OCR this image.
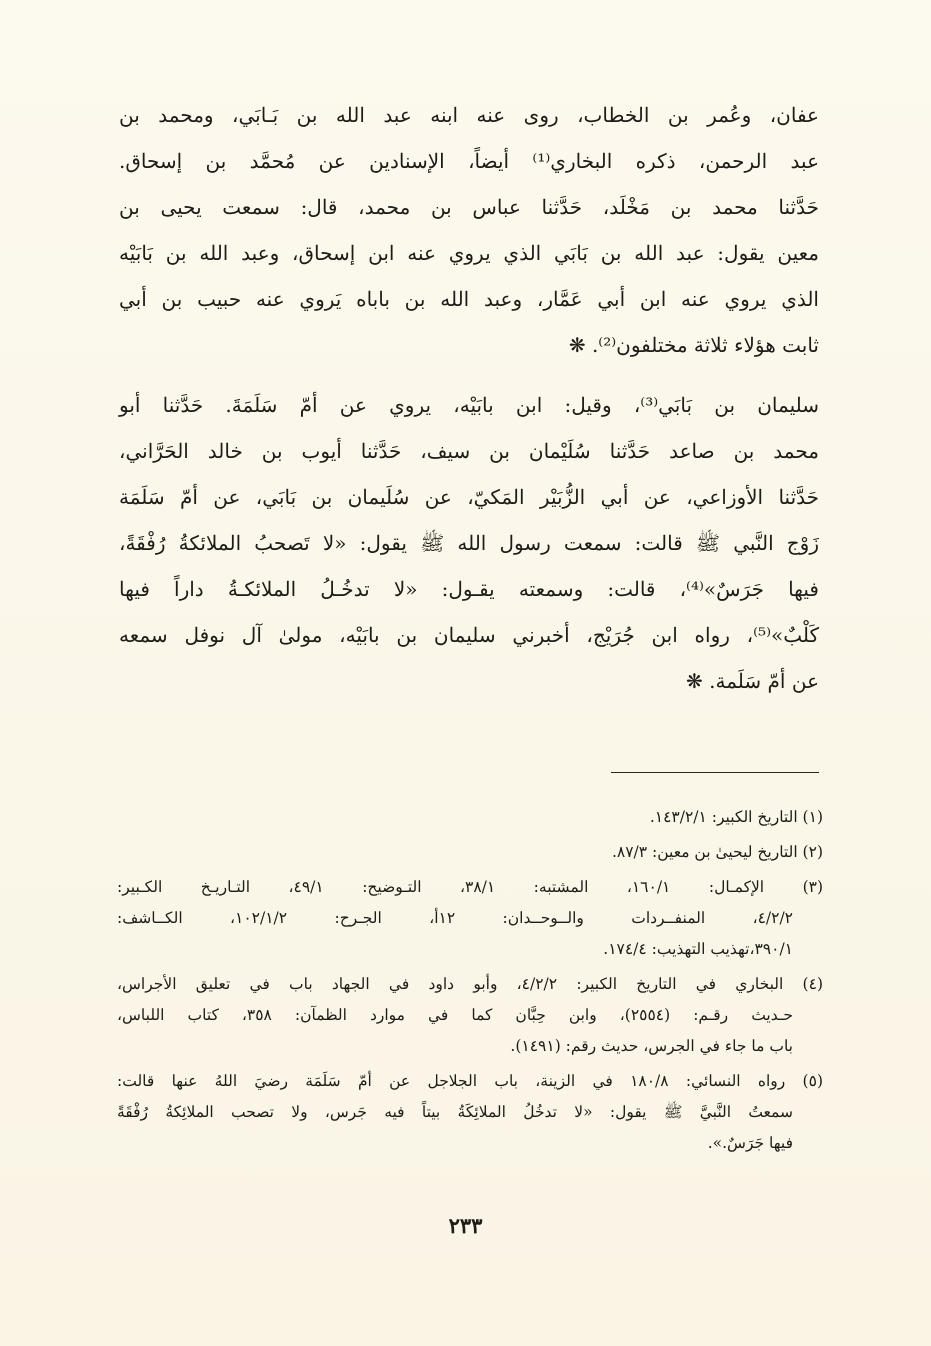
عفان، وعُمر بن الخطاب، روى عنه ابنه عبد الله بن بَـابَي، ومحمد بن

عبد الرحمن، ذكره البخاري⁽¹⁾ أيضاً، الإسنادين عن مُحمَّد بن إسحاق.

حَدَّثنا محمد بن مَخْلَد، حَدَّثنا عباس بن محمد، قال: سمعت يحيى بن

معين يقول: عبد الله بن بَابَي الذي يروي عنه ابن إسحاق، وعبد الله بن بَابَيْه

الذي يروي عنه ابن أبي عَمَّار، وعبد الله بن باباه يَروي عنه حبيب بن أبي

ثابت هؤلاء ثلاثة مختلفون⁽²⁾. ❋

سليمان بن بَابَي⁽³⁾، وقيل: ابن بابَيْه، يروي عن أمّ سَلَمَةَ. حَدَّثنا أبو

محمد بن صاعد حَدَّثنا سُلَيْمان بن سيف، حَدَّثنا أيوب بن خالد الحَرَّاني،

حَدَّثنا الأوزاعي، عن أبي الزُّبَيْر المَكيّ، عن سُلَيمان بن بَابَي، عن أمّ سَلَمَة

زَوْج النَّبي ﷺ قالت: سمعت رسول الله ﷺ يقول: «لا تَصحبُ الملائكةُ رُفْقَةً،

فيها جَرَسٌ»⁽⁴⁾، قالت: وسمعته يقـول: «لا تدخُـلُ الملائكـةُ داراً فيها

كَلْبٌ»⁽⁵⁾، رواه ابن جُرَيْج، أخبرني سليمان بن بابَيْه، مولىٰ آل نوفل سمعه

عن أمّ سَلَمة. ❋

(١) التاريخ الكبير: ١٤٣/٢/١.

(٢) التاريخ ليحيىٰ بن معين: ٨٧/٣.

(٣) الإكمـال: ١٦٠/١، المشتبه: ٣٨/١، التـوضيح: ٤٩/١، التـاريـخ الكـبير:

٤/٢/٢، المنفــردات والــوحــدان: ١٢أ، الجـرح: ١٠٢/١/٢، الكــاشف:

٣٩٠/١،تهذيب التهذيب: ١٧٤/٤.

(٤) البخاري في التاريخ الكبير: ٤/٢/٢، وأبو داود في الجهاد باب في تعليق الأجراس،

حـديث رقـم: (٢٥٥٤)، وابن حِبَّان كما في موارد الظمآن: ٣٥٨، كتاب اللباس،

باب ما جاء في الجرس، حديث رقم: (١٤٩١).

(٥) رواه النسائي: ١٨٠/٨ في الزينة، باب الجلاجل عن أمّ سَلَمَة رضيَ اللهُ عنها قالت:

سمعتُ النَّبيَّ ﷺ يقول: «لا تدخُلُ الملائِكَةُ بيتاً فيه جَرس، ولا تصحب الملائِكةُ رُفْقَةً

فيها جَرَسٌ.».

٢٣٣
